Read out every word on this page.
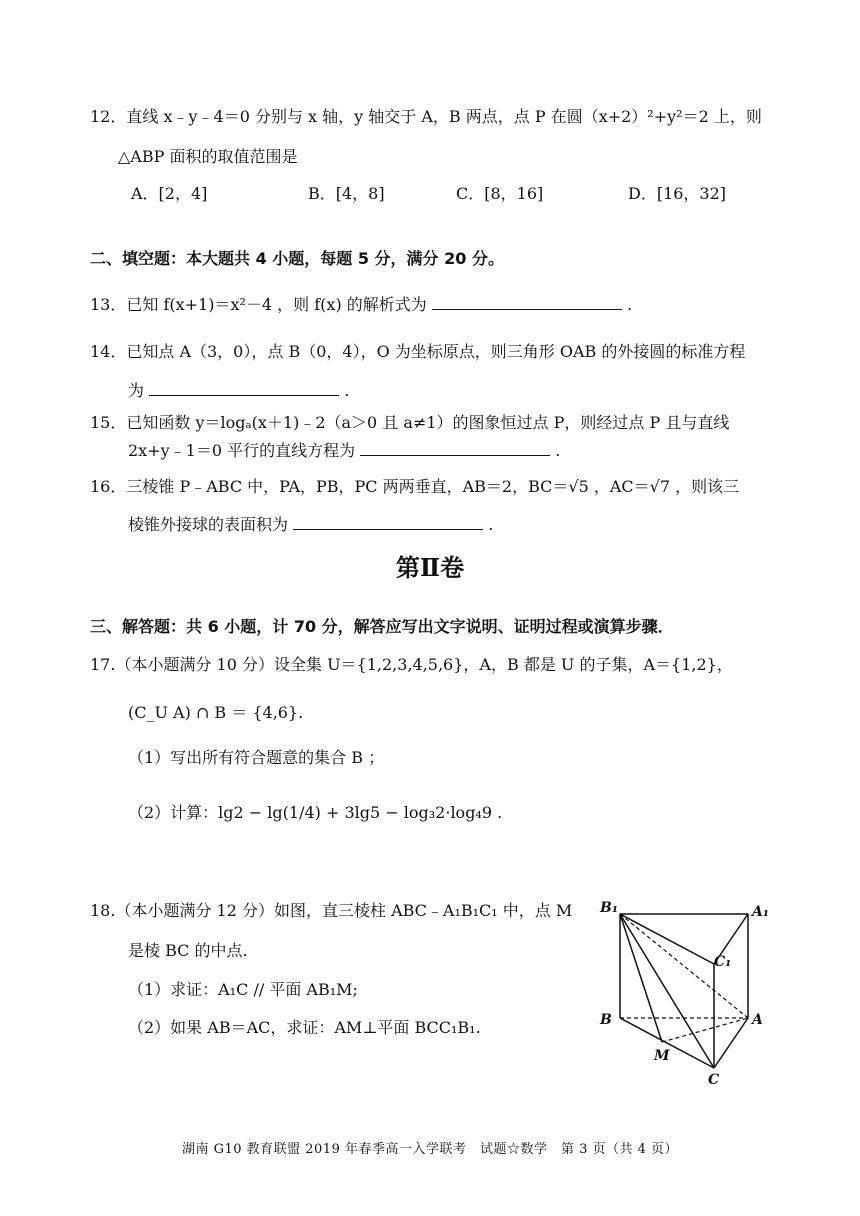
12．直线 x﹣y﹣4＝0 分别与 x 轴，y 轴交于 A，B 两点，点 P 在圆（x+2）²+y²＝2 上，则
△ABP 面积的取值范围是
A．[2，4]	B．[4，8]	C．[8，16]	D．[16，32]
二、填空题：本大题共 4 小题，每题 5 分，满分 20 分。
13．已知 f(x+1)＝x²－4 ，则 f(x) 的解析式为	.
14．已知点 A（3，0），点 B（0，4），O 为坐标原点，则三角形 OAB 的外接圆的标准方程
为	.
15．已知函数 y＝logₐ(x＋1)﹣2（a＞0 且 a≠1）的图象恒过点 P，则经过点 P 且与直线
2x+y﹣1＝0 平行的直线方程为	.
16．三棱锥 P﹣ABC 中，PA，PB，PC 两两垂直，AB＝2，BC＝√5 ，AC＝√7 ，则该三
棱锥外接球的表面积为	.
第Ⅱ卷
三、解答题：共 6 小题，计 70 分，解答应写出文字说明、证明过程或演算步骤．
17.（本小题满分 10 分）设全集 U＝{1,2,3,4,5,6}，A，B 都是 U 的子集，A＝{1,2}，
(C_U A) ∩ B ＝ {4,6}.
（1）写出所有符合题意的集合 B ；
（2）计算：lg2 − lg(1/4) + 3lg5 − log₃2·log₄9 .
18.（本小题满分 12 分）如图，直三棱柱 ABC﹣A₁B₁C₁ 中，点 M
是棱 BC 的中点.
（1）求证：A₁C // 平面 AB₁M;
（2）如果 AB＝AC，求证：AM⊥平面 BCC₁B₁.
B₁	A₁
C₁
B	A
M
C
湖南 G10 教育联盟 2019 年春季高一入学联考　试题☆数学　第 3 页（共 4 页）
